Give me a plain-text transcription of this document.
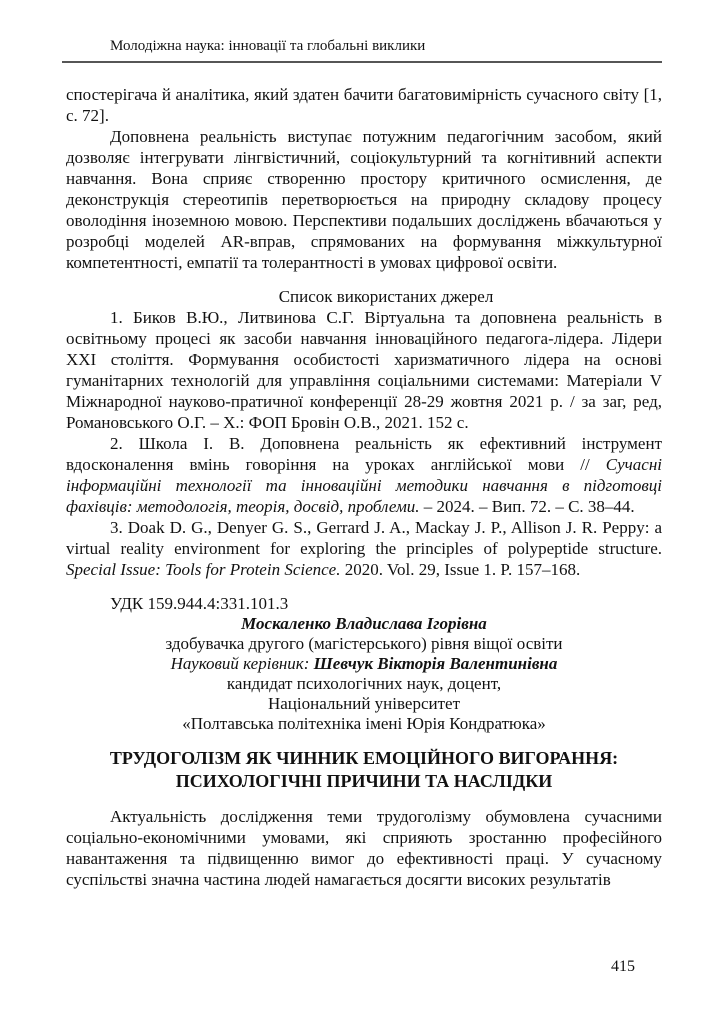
Молодіжна наука: інновації та глобальні виклики

спостерігача й аналітика, який здатен бачити багатовимірність сучасного світу [1, с. 72].

Доповнена реальність виступає потужним педагогічним засобом, який дозволяє інтегрувати лінгвістичний, соціокультурний та когнітивний аспекти навчання. Вона сприяє створенню простору критичного осмислення, де деконструкція стереотипів перетворюється на природну складову процесу оволодіння іноземною мовою. Перспективи подальших досліджень вбачаються у розробці моделей AR-вправ, спрямованих на формування міжкультурної компетентності, емпатії та толерантності в умовах цифрової освіти.

Список використаних джерел

1. Биков В.Ю., Литвинова С.Г. Віртуальна та доповнена реальність в освітньому процесі як засоби навчання інноваційного педагога-лідера. Лідери XXI століття. Формування особистості харизматичного лідера на основі гуманітарних технологій для управління соціальними системами: Матеріали V Міжнародної науково-пратичної конференції 28-29 жовтня 2021 р. / за заг, ред, Романовського О.Г. – Х.: ФОП Бровін О.В., 2021. 152 с.

2. Школа І. В. Доповнена реальність як ефективний інструмент вдосконалення вмінь говоріння на уроках англійської мови // Сучасні інформаційні технології та інноваційні методики навчання в підготовці фахівців: методологія, теорія, досвід, проблеми. – 2024. – Вип. 72. – С. 38–44.

3. Doak D. G., Denyer G. S., Gerrard J. A., Mackay J. P., Allison J. R. Peppy: a virtual reality environment for exploring the principles of polypeptide structure. Special Issue: Tools for Protein Science. 2020. Vol. 29, Issue 1. P. 157–168.

УДК 159.944.4:331.101.3

Москаленко Владислава Ігорівна

здобувачка другого (магістерського) рівня віщої освіти

Науковий керівник: Шевчук Вікторія Валентинівна

кандидат психологічних наук, доцент,

Національний університет

«Полтавська політехніка імені Юрія Кондратюка»

ТРУДОГОЛІЗМ ЯК ЧИННИК ЕМОЦІЙНОГО ВИГОРАННЯ:
ПСИХОЛОГІЧНІ ПРИЧИНИ ТА НАСЛІДКИ

Актуальність дослідження теми трудоголізму обумовлена сучасними соціально-економічними умовами, які сприяють зростанню професійного навантаження та підвищенню вимог до ефективності праці. У сучасному суспільстві значна частина людей намагається досягти високих результатів

415
